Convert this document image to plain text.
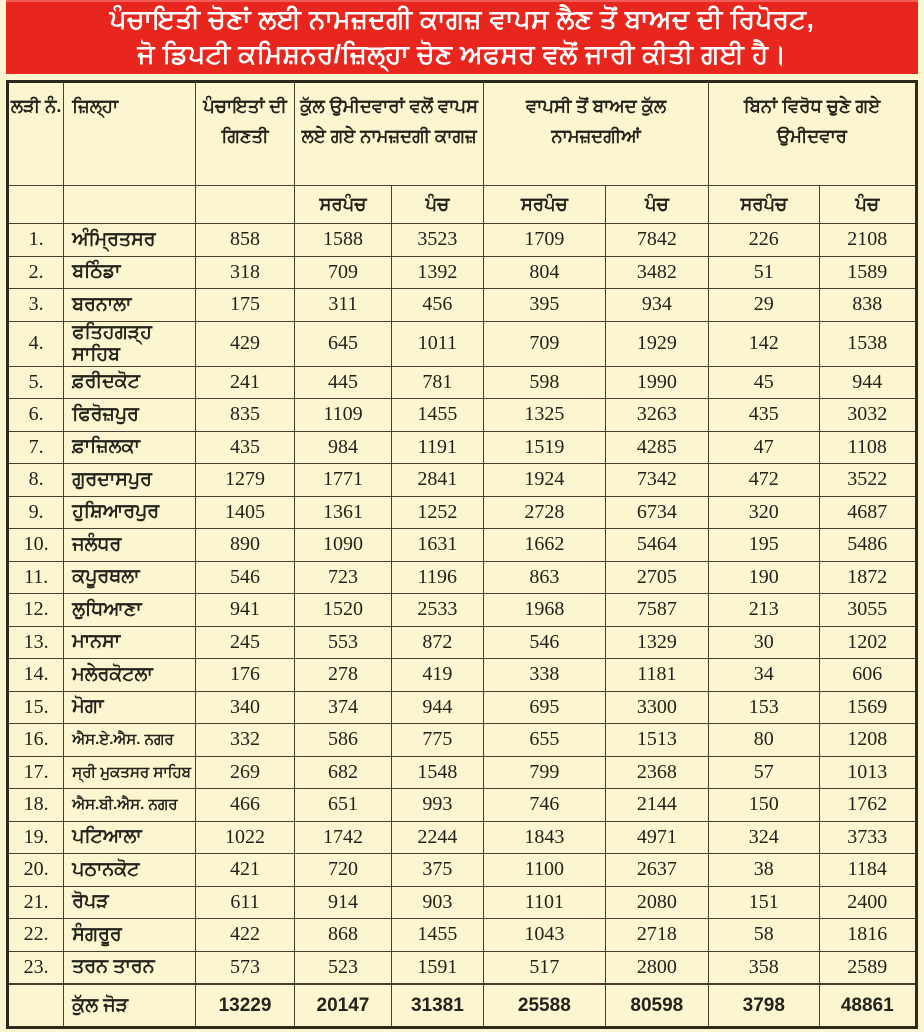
ਪੰਚਾਇਤੀ ਚੋਣਾਂ ਲਈ ਨਾਮਜ਼ਦਗੀ ਕਾਗਜ਼ ਵਾਪਸ ਲੈਣ ਤੋਂ ਬਾਅਦ ਦੀ ਰਿਪੋਰਟ,
ਜੋ ਡਿਪਟੀ ਕਮਿਸ਼ਨਰ/ਜ਼ਿਲ੍ਹਾ ਚੋਣ ਅਫਸਰ ਵਲੋਂ ਜਾਰੀ ਕੀਤੀ ਗਈ ਹੈ।
ਲੜੀ ਨੰ.	ਜ਼ਿਲ੍ਹਾ	ਪੰਚਾਇਤਾਂ ਦੀ ਗਿਣਤੀ	ਕੁੱਲ ਉਮੀਦਵਾਰਾਂ ਵਲੋਂ ਵਾਪਸ ਲਏ ਗਏ ਨਾਮਜ਼ਦਗੀ ਕਾਗਜ਼		ਵਾਪਸੀ ਤੋਂ ਬਾਅਦ ਕੁੱਲ ਨਾਮਜ਼ਦਗੀਆਂ		ਬਿਨਾਂ ਵਿਰੋਧ ਚੁਣੇ ਗਏ ਉਮੀਦਵਾਰ	
			ਸਰਪੰਚ	ਪੰਚ	ਸਰਪੰਚ	ਪੰਚ	ਸਰਪੰਚ	ਪੰਚ
1.	ਅੰਮ੍ਰਿਤਸਰ	858	1588	3523	1709	7842	226	2108
2.	ਬਠਿੰਡਾ	318	709	1392	804	3482	51	1589
3.	ਬਰਨਾਲਾ	175	311	456	395	934	29	838
4.	ਫਤਿਹਗੜ੍ਹ ਸਾਹਿਬ	429	645	1011	709	1929	142	1538
5.	ਫ਼ਰੀਦਕੋਟ	241	445	781	598	1990	45	944
6.	ਫਿਰੋਜ਼ਪੁਰ	835	1109	1455	1325	3263	435	3032
7.	ਫ਼ਾਜ਼ਿਲਕਾ	435	984	1191	1519	4285	47	1108
8.	ਗੁਰਦਾਸਪੁਰ	1279	1771	2841	1924	7342	472	3522
9.	ਹੁਸ਼ਿਆਰਪੁਰ	1405	1361	1252	2728	6734	320	4687
10.	ਜਲੰਧਰ	890	1090	1631	1662	5464	195	5486
11.	ਕਪੂਰਥਲਾ	546	723	1196	863	2705	190	1872
12.	ਲੁਧਿਆਣਾ	941	1520	2533	1968	7587	213	3055
13.	ਮਾਨਸਾ	245	553	872	546	1329	30	1202
14.	ਮਲੇਰਕੋਟਲਾ	176	278	419	338	1181	34	606
15.	ਮੋਗਾ	340	374	944	695	3300	153	1569
16.	ਐਸ.ਏ.ਐਸ. ਨਗਰ	332	586	775	655	1513	80	1208
17.	ਸ੍ਰੀ ਮੁਕਤਸਰ ਸਾਹਿਬ	269	682	1548	799	2368	57	1013
18.	ਐਸ.ਬੀ.ਐਸ. ਨਗਰ	466	651	993	746	2144	150	1762
19.	ਪਟਿਆਲਾ	1022	1742	2244	1843	4971	324	3733
20.	ਪਠਾਨਕੋਟ	421	720	375	1100	2637	38	1184
21.	ਰੋਪੜ	611	914	903	1101	2080	151	2400
22.	ਸੰਗਰੂਰ	422	868	1455	1043	2718	58	1816
23.	ਤਰਨ ਤਾਰਨ	573	523	1591	517	2800	358	2589
	ਕੁੱਲ ਜੋੜ	13229	20147	31381	25588	80598	3798	48861
